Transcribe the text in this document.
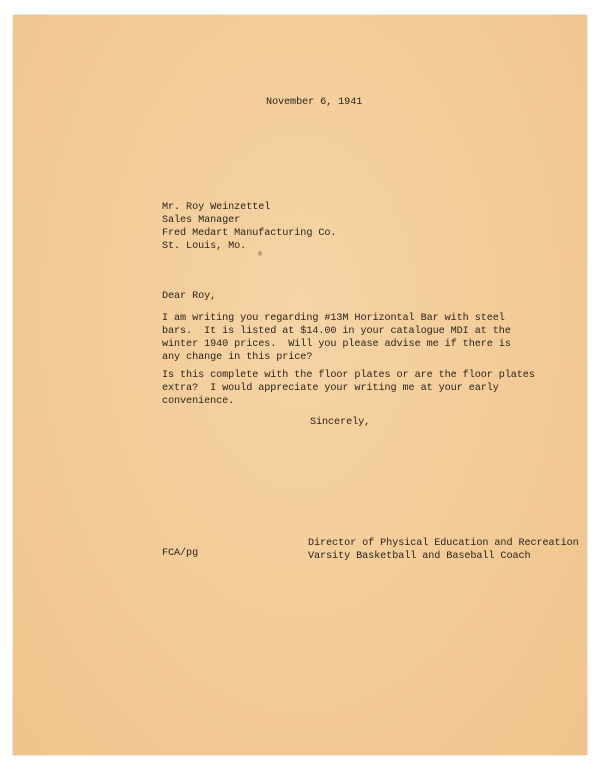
November 6, 1941
Mr. Roy Weinzettel
Sales Manager
Fred Medart Manufacturing Co.
St. Louis, Mo.
Dear Roy,
I am writing you regarding #13M Horizontal Bar with steel
bars.  It is listed at $14.00 in your catalogue MDI at the
winter 1940 prices.  Will you please advise me if there is
any change in this price?
Is this complete with the floor plates or are the floor plates
extra?  I would appreciate your writing me at your early
convenience.
Sincerely,
FCA/pg
Director of Physical Education and Recreation
Varsity Basketball and Baseball Coach
